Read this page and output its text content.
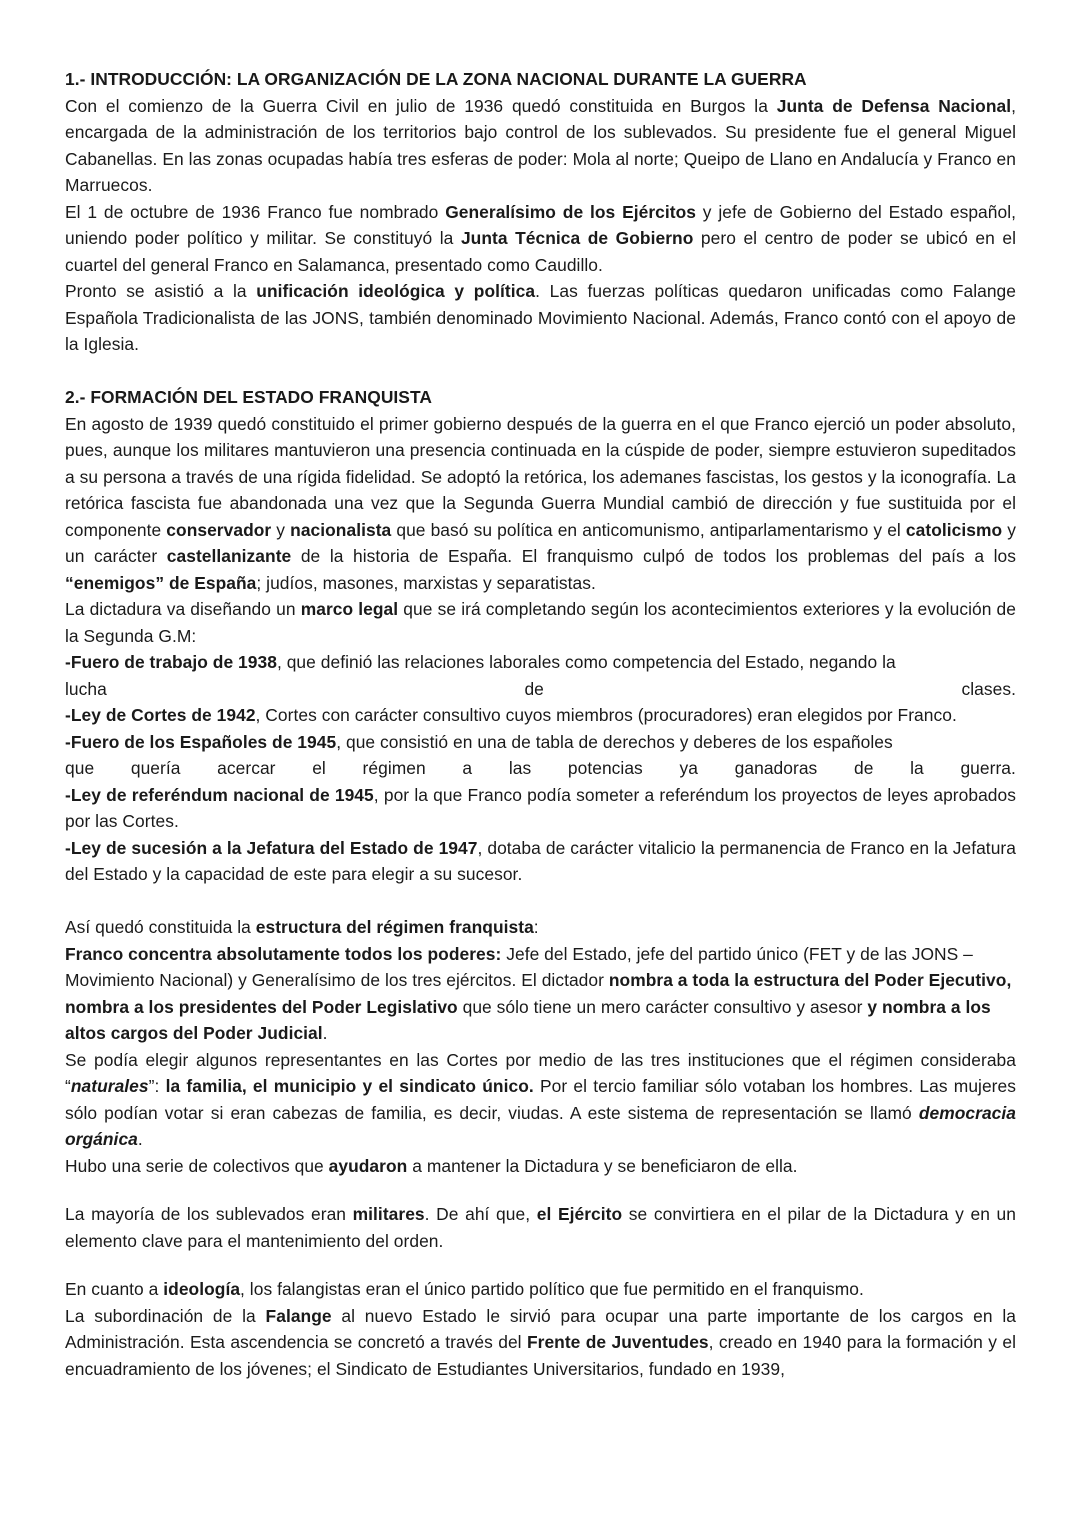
1.- INTRODUCCIÓN: LA ORGANIZACIÓN DE LA ZONA NACIONAL DURANTE LA GUERRA

Con el comienzo de la Guerra Civil en julio de 1936 quedó constituida en Burgos la Junta de Defensa Nacional, encargada de la administración de los territorios bajo control de los sublevados. Su presidente fue el general Miguel Cabanellas. En las zonas ocupadas había tres esferas de poder: Mola al norte; Queipo de Llano en Andalucía y Franco en Marruecos.

El 1 de octubre de 1936 Franco fue nombrado Generalísimo de los Ejércitos y jefe de Gobierno del Estado español, uniendo poder político y militar. Se constituyó la Junta Técnica de Gobierno pero el centro de poder se ubicó en el cuartel del general Franco en Salamanca, presentado como Caudillo.

Pronto se asistió a la unificación ideológica y política. Las fuerzas políticas quedaron unificadas como Falange Española Tradicionalista de las JONS, también denominado Movimiento Nacional. Además, Franco contó con el apoyo de la Iglesia.

2.- FORMACIÓN DEL ESTADO FRANQUISTA

En agosto de 1939 quedó constituido el primer gobierno después de la guerra en el que Franco ejerció un poder absoluto, pues, aunque los militares mantuvieron una presencia continuada en la cúspide de poder, siempre estuvieron supeditados a su persona a través de una rígida fidelidad. Se adoptó la retórica, los ademanes fascistas, los gestos y la iconografía. La retórica fascista fue abandonada una vez que la Segunda Guerra Mundial cambió de dirección y fue sustituida por el componente conservador y nacionalista que basó su política en anticomunismo, antiparlamentarismo y el catolicismo y un carácter castellanizante de la historia de España. El franquismo culpó de todos los problemas del país a los “enemigos” de España; judíos, masones, marxistas y separatistas.

La dictadura va diseñando un marco legal que se irá completando según los acontecimientos exteriores y la evolución de la Segunda G.M:

-Fuero de trabajo de 1938, que definió las relaciones laborales como competencia del Estado, negando la

lucha	de	clases.

-Ley de Cortes de 1942, Cortes con carácter consultivo cuyos miembros (procuradores) eran elegidos por Franco.

-Fuero de los Españoles de 1945, que consistió en una de tabla de derechos y deberes de los españoles

que quería acercar el régimen a las potencias ya ganadoras de la guerra.

-Ley de referéndum nacional de 1945, por la que Franco podía someter a referéndum los proyectos de leyes aprobados por las Cortes.

-Ley de sucesión a la Jefatura del Estado de 1947, dotaba de carácter vitalicio la permanencia de Franco en la Jefatura del Estado y la capacidad de este para elegir a su sucesor.

Así quedó constituida la estructura del régimen franquista:

Franco concentra absolutamente todos los poderes: Jefe del Estado, jefe del partido único (FET y de las JONS – Movimiento Nacional) y Generalísimo de los tres ejércitos. El dictador nombra a toda la estructura del Poder Ejecutivo, nombra a los presidentes del Poder Legislativo que sólo tiene un mero carácter consultivo y asesor y nombra a los altos cargos del Poder Judicial.

Se podía elegir algunos representantes en las Cortes por medio de las tres instituciones que el régimen consideraba “naturales”: la familia, el municipio y el sindicato único. Por el tercio familiar sólo votaban los hombres. Las mujeres sólo podían votar si eran cabezas de familia, es decir, viudas. A este sistema de representación se llamó democracia orgánica.

Hubo una serie de colectivos que ayudaron a mantener la Dictadura y se beneficiaron de ella.

La mayoría de los sublevados eran militares. De ahí que, el Ejército se convirtiera en el pilar de la Dictadura y en un elemento clave para el mantenimiento del orden.

En cuanto a ideología, los falangistas eran el único partido político que fue permitido en el franquismo.

La subordinación de la Falange al nuevo Estado le sirvió para ocupar una parte importante de los cargos en la Administración. Esta ascendencia se concretó a través del Frente de Juventudes, creado en 1940 para la formación y el encuadramiento de los jóvenes; el Sindicato de Estudiantes Universitarios, fundado en 1939,
